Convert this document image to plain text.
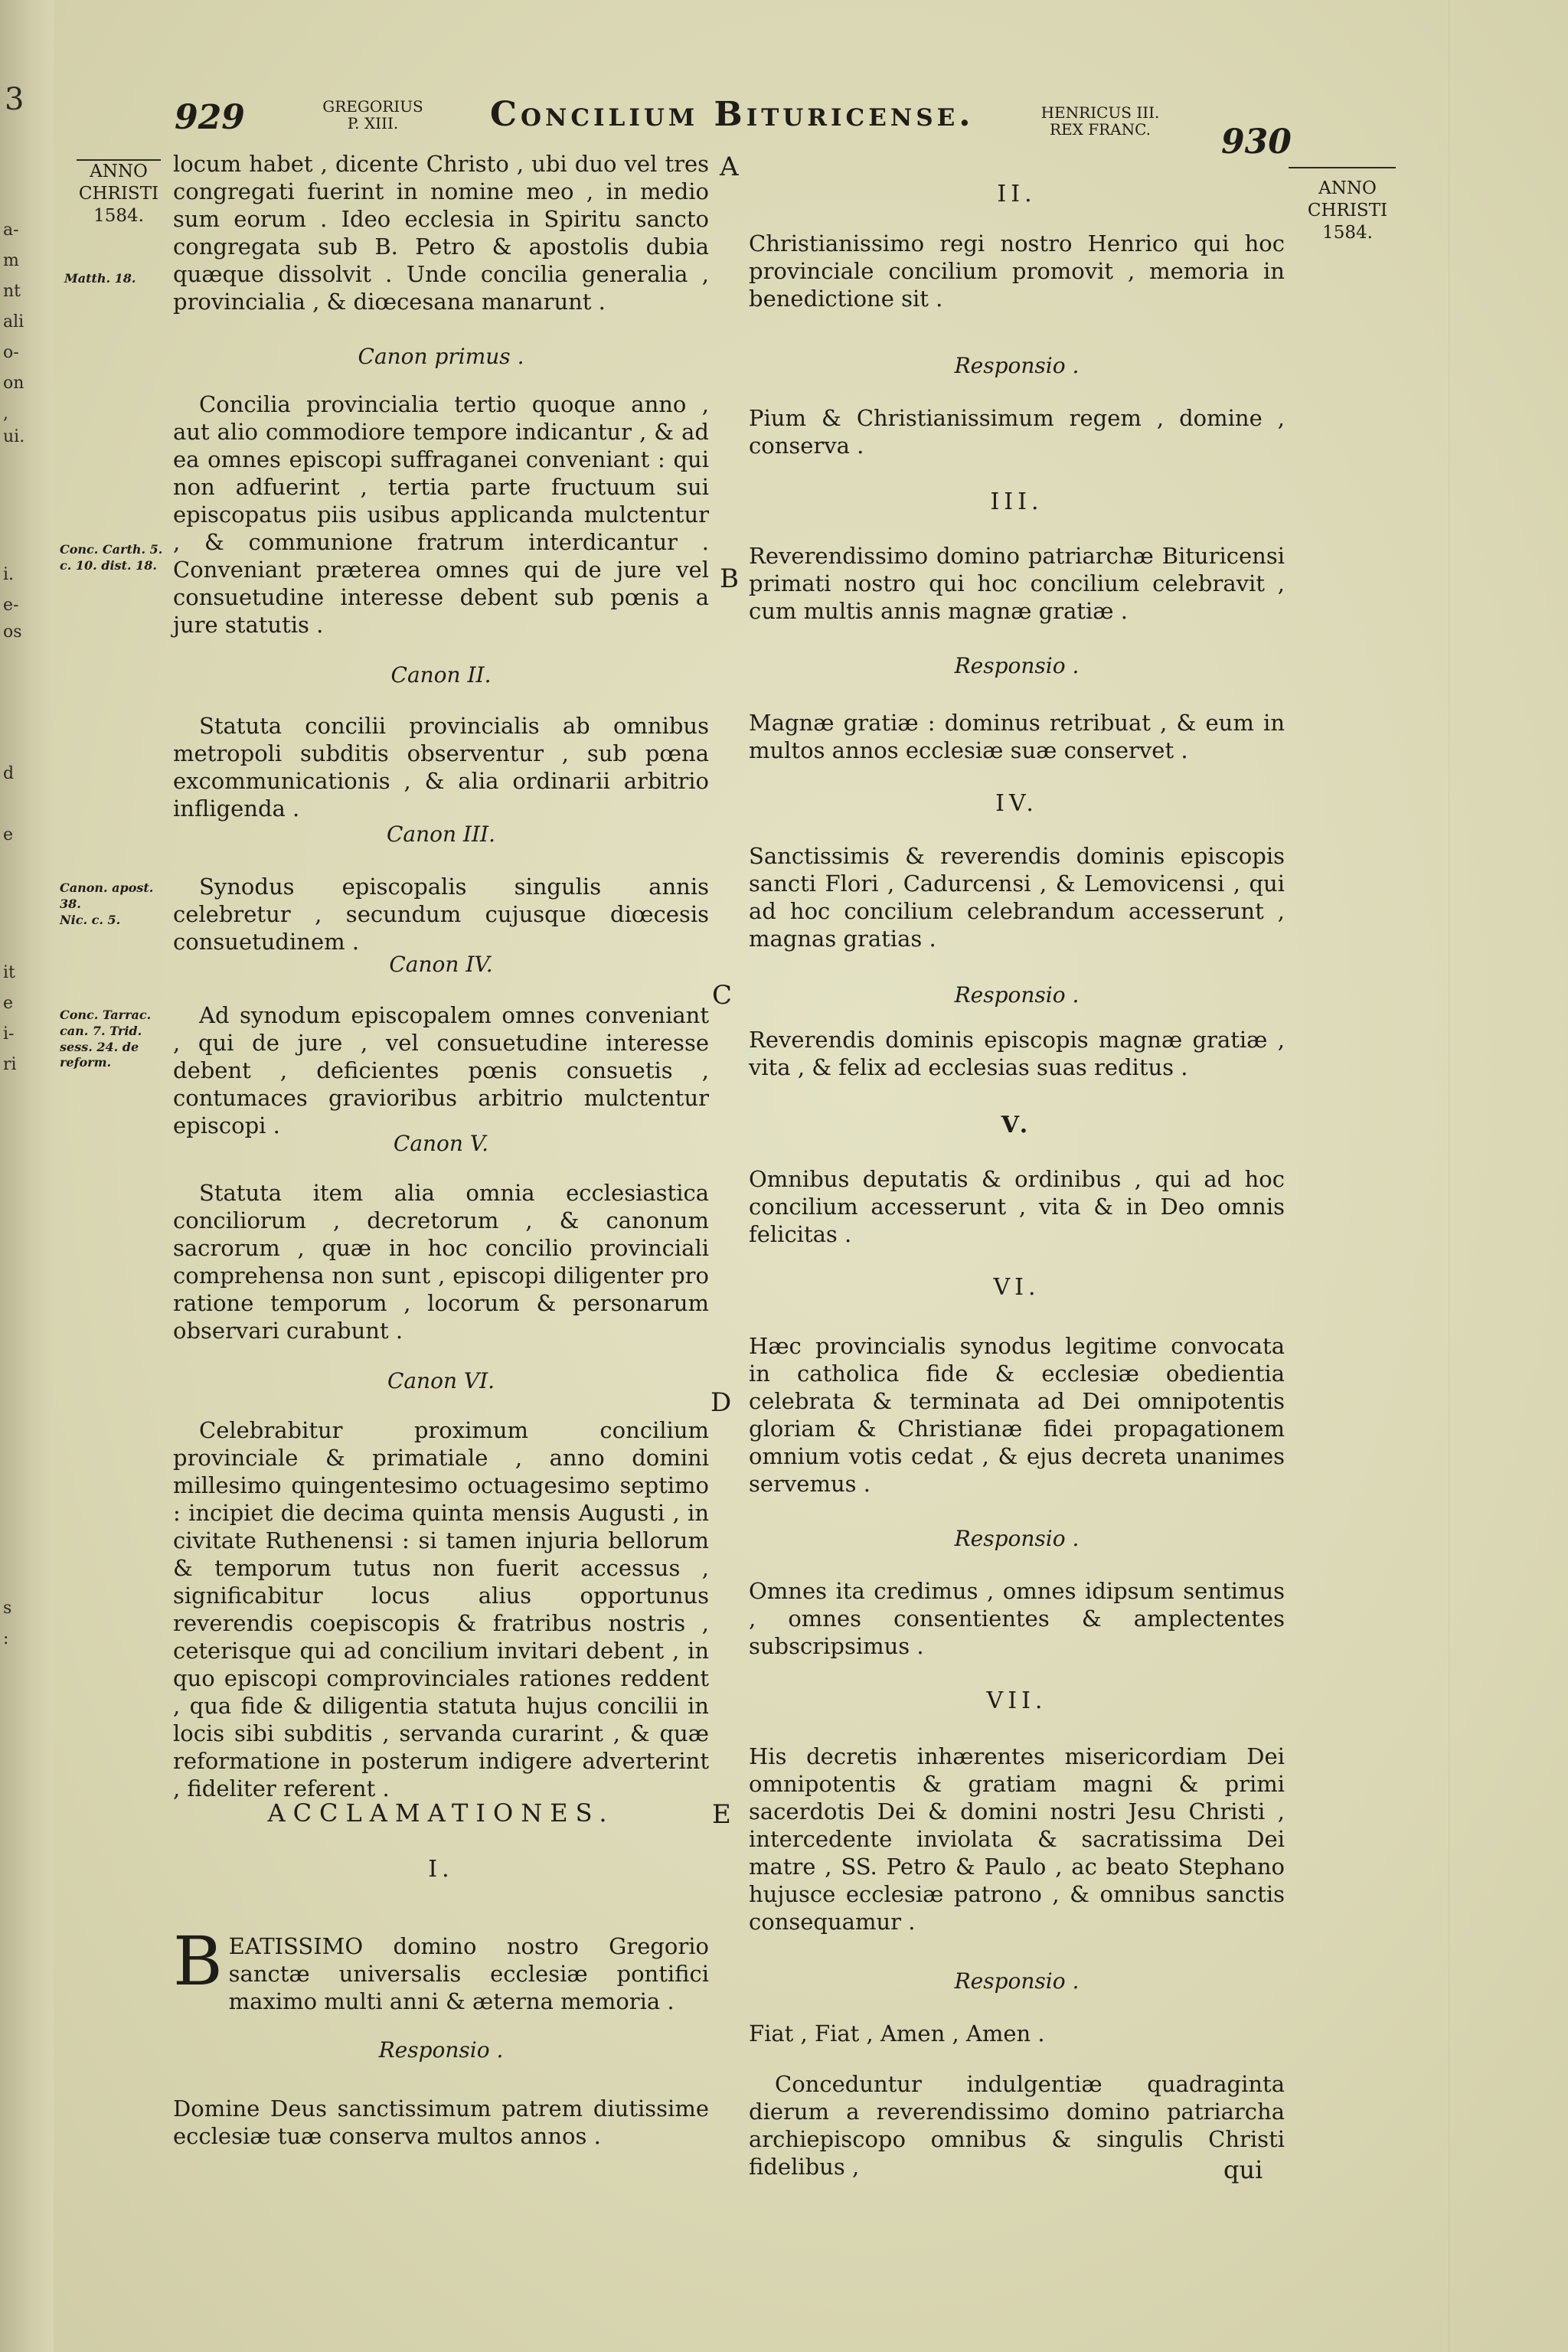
3
a-
m
nt
ali
o-
on
,
ui.
i.
e-
os
d
e
it
e
i-
ri
s
:
929	GREGORIUS
P. XIII.	Concilium Bituricense.	HENRICUS III.
REX FRANC.	930
ANNO
CHRISTI
1584.
ANNO
CHRISTI
1584.
Matth. 18.
Conc. Carth. 5.
c. 10. dist. 18.
Canon. apost.
38.
Nic. c. 5.
Conc. Tarrac.
can. 7. Trid.
sess. 24. de
reform.
A
B
C
D
E
locum habet , dicente Christo , ubi duo vel tres congregati fuerint in nomine meo , in medio sum eorum . Ideo ecclesia in Spiritu sancto congregata sub B. Petro & apostolis dubia quæque dissolvit . Unde concilia generalia , provincialia , & diœcesana manarunt .
Canon primus .
Concilia provincialia tertio quoque anno , aut alio commodiore tempore indicantur , & ad ea omnes episcopi suffraganei conveniant : qui non adfuerint , tertia parte fructuum sui episcopatus piis usibus applicanda mulctentur , & communione fratrum interdicantur . Conveniant præterea omnes qui de jure vel consuetudine interesse debent sub pœnis a jure statutis .
Canon II.
Statuta concilii provincialis ab omnibus metropoli subditis observentur , sub pœna excommunicationis , & alia ordinarii arbitrio infligenda .
Canon III.
Synodus episcopalis singulis annis celebretur , secundum cujusque diœcesis consuetudinem .
Canon IV.
Ad synodum episcopalem omnes conveniant , qui de jure , vel consuetudine interesse debent , deficientes pœnis consuetis , contumaces gravioribus arbitrio mulctentur episcopi .
Canon V.
Statuta item alia omnia ecclesiastica conciliorum , decretorum , & canonum sacrorum , quæ in hoc concilio provinciali comprehensa non sunt , episcopi diligenter pro ratione temporum , locorum & personarum observari curabunt .
Canon VI.
Celebrabitur proximum concilium provinciale & primatiale , anno domini millesimo quingentesimo octuagesimo septimo : incipiet die decima quinta mensis Augusti , in civitate Ruthenensi : si tamen injuria bellorum & temporum tutus non fuerit accessus , significabitur locus alius opportunus reverendis coepiscopis & fratribus nostris , ceterisque qui ad concilium invitari debent , in quo episcopi comprovinciales rationes reddent , qua fide & diligentia statuta hujus concilii in locis sibi subditis , servanda curarint , & quæ reformatione in posterum indigere adverterint , fideliter referent .
ACCLAMATIONES.
I.

BEATISSIMO domino nostro Gregorio sanctæ universalis ecclesiæ pontifici maximo multi anni & æterna memoria .

Responsio .
Domine Deus sanctissimum patrem diutissime ecclesiæ tuæ conserva multos annos .
II.
Christianissimo regi nostro Henrico qui hoc provinciale concilium promovit , memoria in benedictione sit .
Responsio .
Pium & Christianissimum regem , domine , conserva .
III.
Reverendissimo domino patriarchæ Bituricensi primati nostro qui hoc concilium celebravit , cum multis annis magnæ gratiæ .
Responsio .
Magnæ gratiæ : dominus retribuat , & eum in multos annos ecclesiæ suæ conservet .
IV.
Sanctissimis & reverendis dominis episcopis sancti Flori , Cadurcensi , & Lemovicensi , qui ad hoc concilium celebrandum accesserunt , magnas gratias .
Responsio .
Reverendis dominis episcopis magnæ gratiæ , vita , & felix ad ecclesias suas reditus .
V.
Omnibus deputatis & ordinibus , qui ad hoc concilium accesserunt , vita & in Deo omnis felicitas .
VI.
Hæc provincialis synodus legitime convocata in catholica fide & ecclesiæ obedientia celebrata & terminata ad Dei omnipotentis gloriam & Christianæ fidei propagationem omnium votis cedat , & ejus decreta unanimes servemus .
Responsio .
Omnes ita credimus , omnes idipsum sentimus , omnes consentientes & amplectentes subscripsimus .
VII.
His decretis inhærentes misericordiam Dei omnipotentis & gratiam magni & primi sacerdotis Dei & domini nostri Jesu Christi , intercedente inviolata & sacratissima Dei matre , SS. Petro & Paulo , ac beato Stephano hujusce ecclesiæ patrono , & omnibus sanctis consequamur .
Responsio .
Fiat , Fiat , Amen , Amen .
Conceduntur indulgentiæ quadraginta dierum a reverendissimo domino patriarcha archiepiscopo omnibus & singulis Christi fidelibus ,	qui
